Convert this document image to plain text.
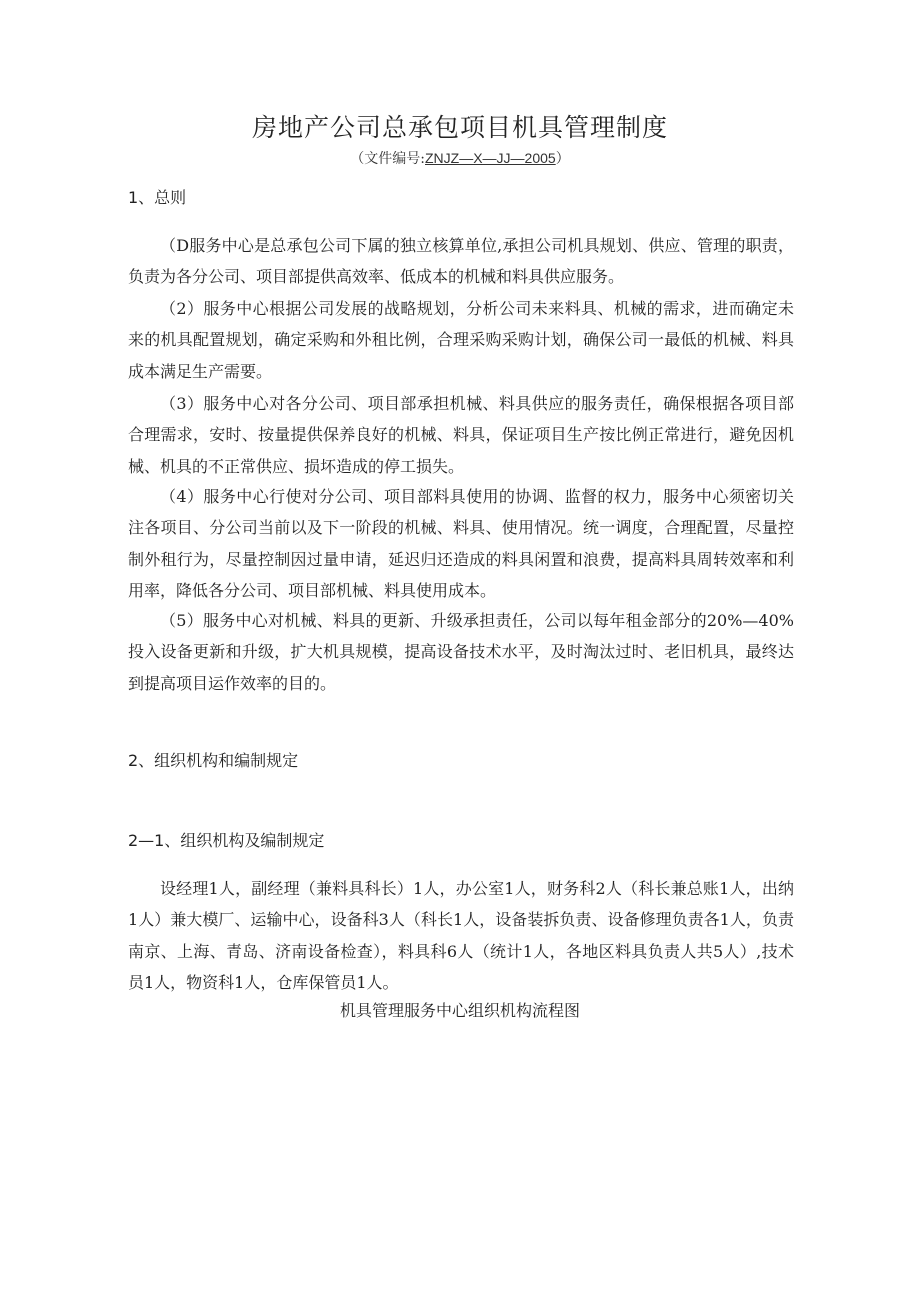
房地产公司总承包项目机具管理制度
（文件编号:ZNJZ—X—JJ—2005）
1、总则

（D服务中心是总承包公司下属的独立核算单位,承担公司机具规划、供应、管理的职责，负责为各分公司、项目部提供高效率、低成本的机械和料具供应服务。

（2）服务中心根据公司发展的战略规划，分析公司未来料具、机械的需求，进而确定未来的机具配置规划，确定采购和外租比例，合理采购采购计划，确保公司一最低的机械、料具成本满足生产需要。

（3）服务中心对各分公司、项目部承担机械、料具供应的服务责任，确保根据各项目部合理需求，安时、按量提供保养良好的机械、料具，保证项目生产按比例正常进行，避免因机械、机具的不正常供应、损坏造成的停工损失。

（4）服务中心行使对分公司、项目部料具使用的协调、监督的权力，服务中心须密切关注各项目、分公司当前以及下一阶段的机械、料具、使用情况。统一调度，合理配置，尽量控制外租行为，尽量控制因过量申请，延迟归还造成的料具闲置和浪费，提高料具周转效率和利用率，降低各分公司、项目部机械、料具使用成本。

（5）服务中心对机械、料具的更新、升级承担责任，公司以每年租金部分的20%—40%投入设备更新和升级，扩大机具规模，提高设备技术水平，及时淘汰过时、老旧机具，最终达到提高项目运作效率的目的。

2、组织机构和编制规定
2—1、组织机构及编制规定

设经理1人，副经理（兼料具科长）1人，办公室1人，财务科2人（科长兼总账1人，出纳1人）兼大模厂、运输中心，设备科3人（科长1人，设备装拆负责、设备修理负责各1人，负责南京、上海、青岛、济南设备检查），料具科6人（统计1人，各地区料具负责人共5人）,技术员1人，物资科1人，仓库保管员1人。

机具管理服务中心组织机构流程图
